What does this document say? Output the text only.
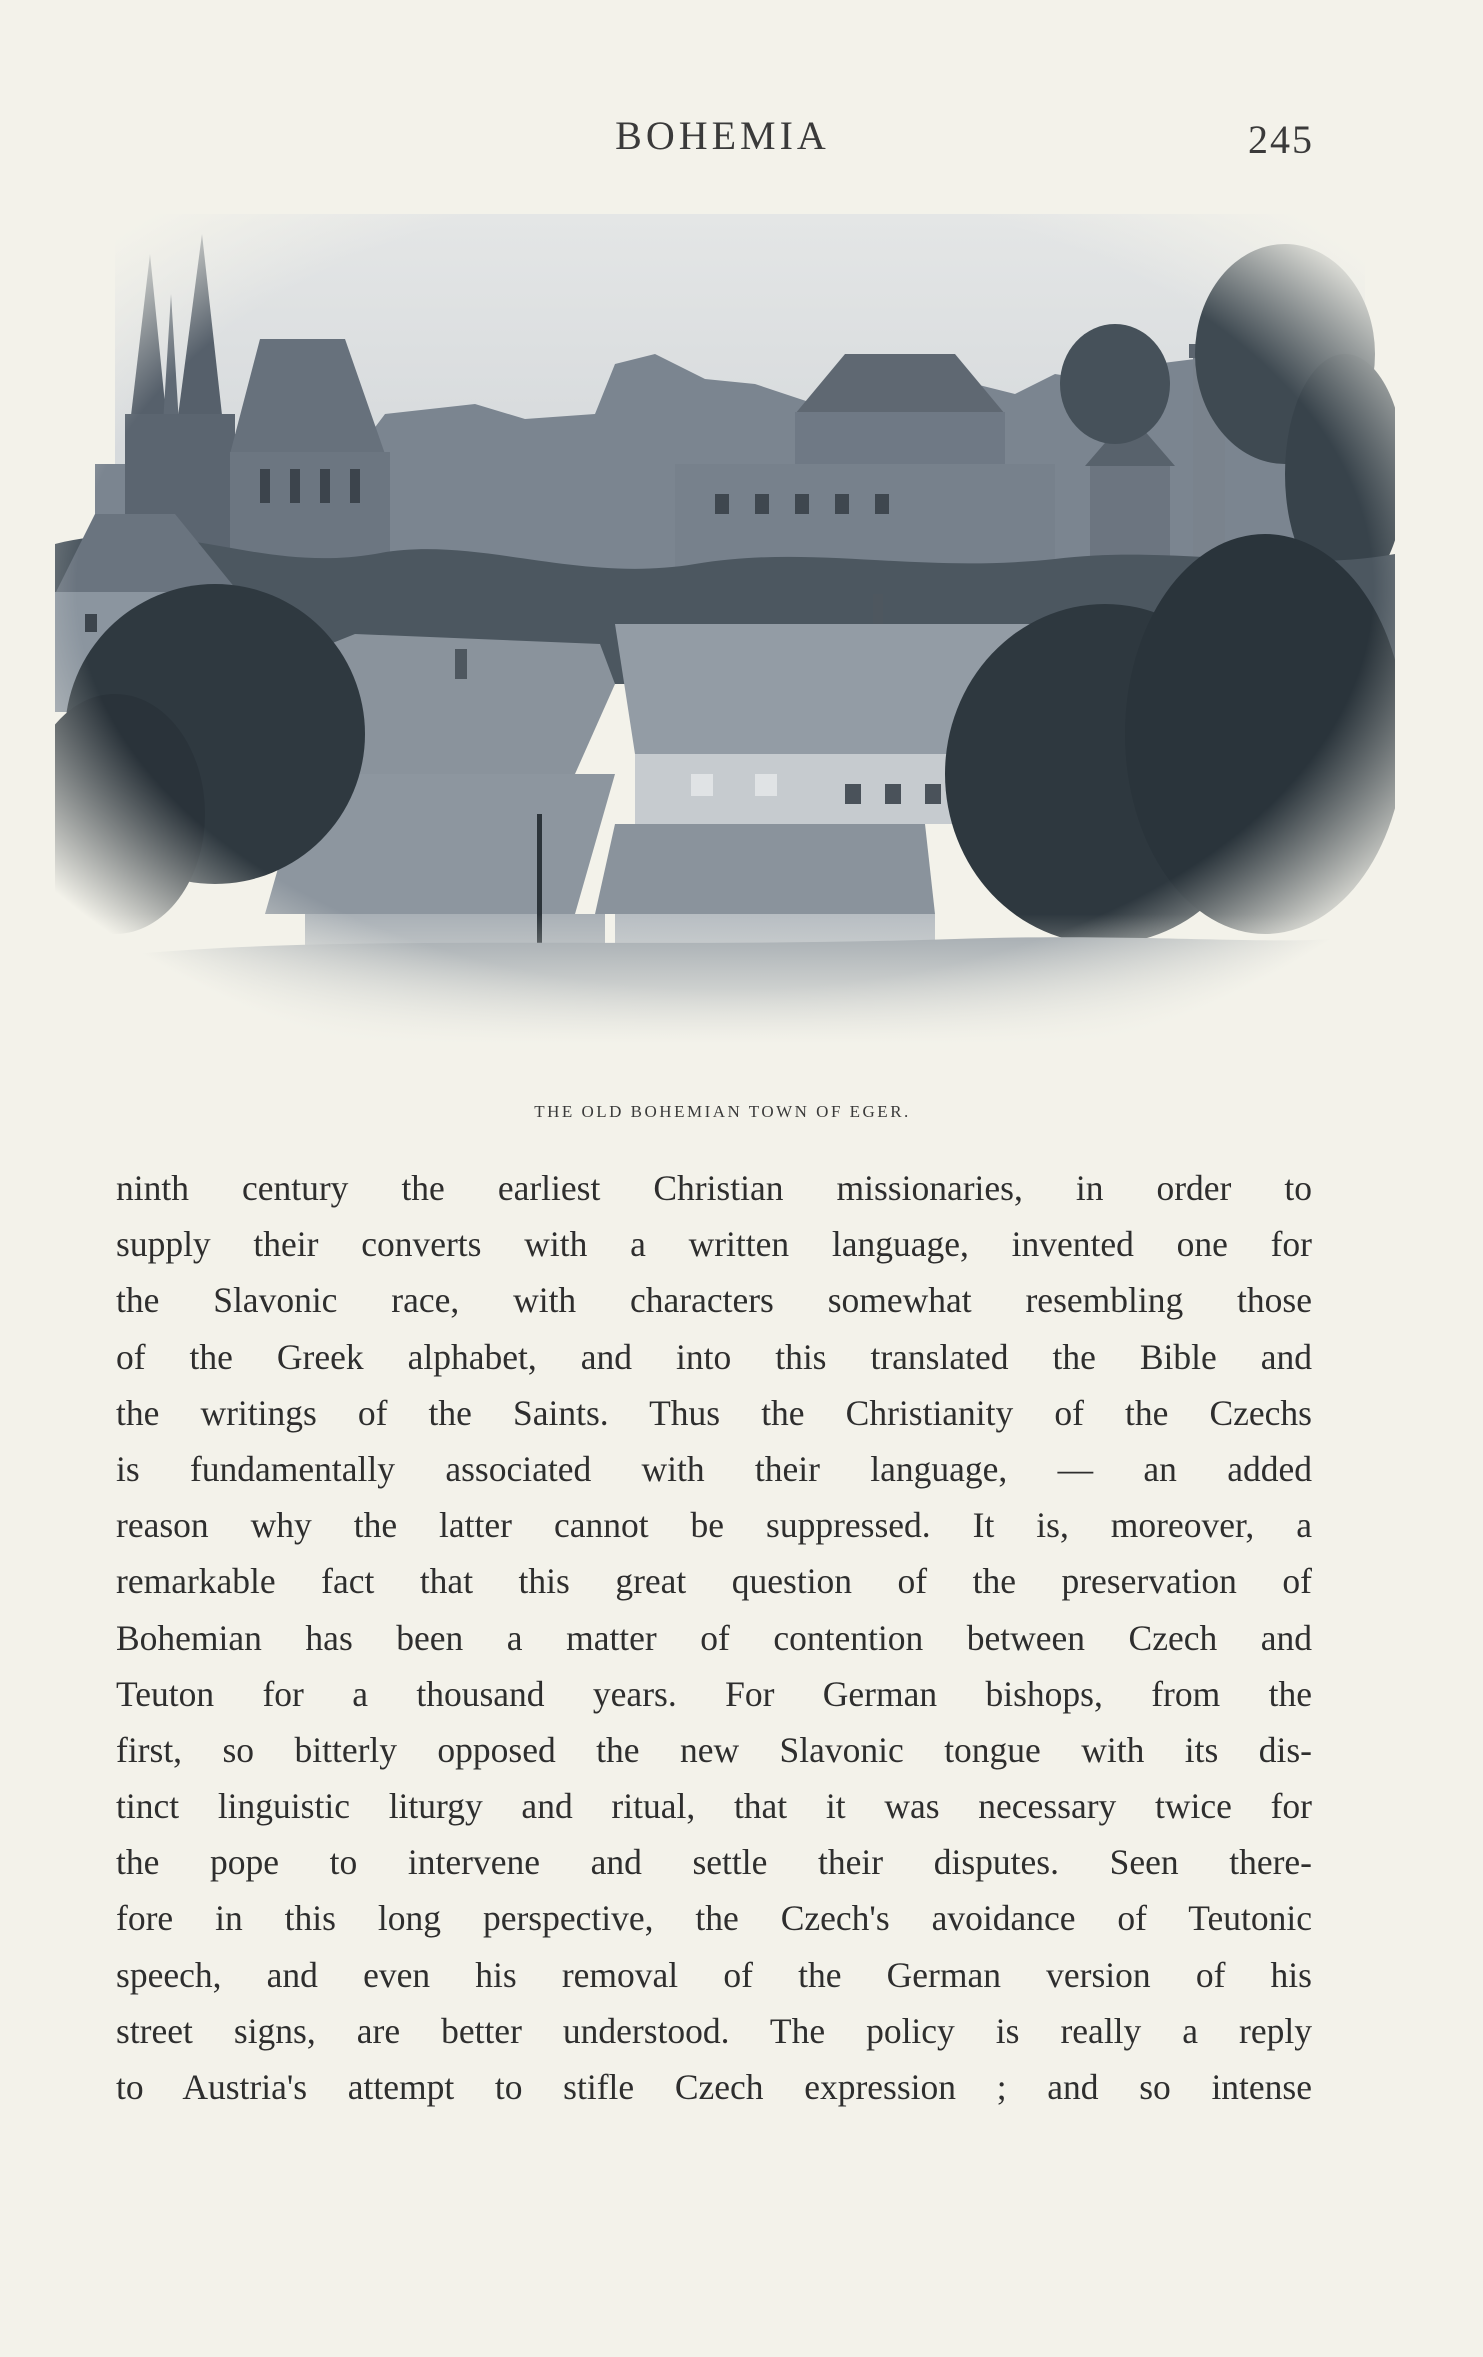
BOHEMIA	245
THE OLD BOHEMIAN TOWN OF EGER.
ninth century the earliest Christian missionaries, in order to
supply their converts with a written language, invented one for
the Slavonic race, with characters somewhat resembling those
of the Greek alphabet, and into this translated the Bible and
the writings of the Saints. Thus the Christianity of the Czechs
is fundamentally associated with their language, — an added
reason why the latter cannot be suppressed. It is, moreover, a
remarkable fact that this great question of the preservation of
Bohemian has been a matter of contention between Czech and
Teuton for a thousand years. For German bishops, from the
first, so bitterly opposed the new Slavonic tongue with its dis-
tinct linguistic liturgy and ritual, that it was necessary twice for
the pope to intervene and settle their disputes. Seen there-
fore in this long perspective, the Czech's avoidance of Teutonic
speech, and even his removal of the German version of his
street signs, are better understood. The policy is really a reply
to Austria's attempt to stifle Czech expression ; and so intense
